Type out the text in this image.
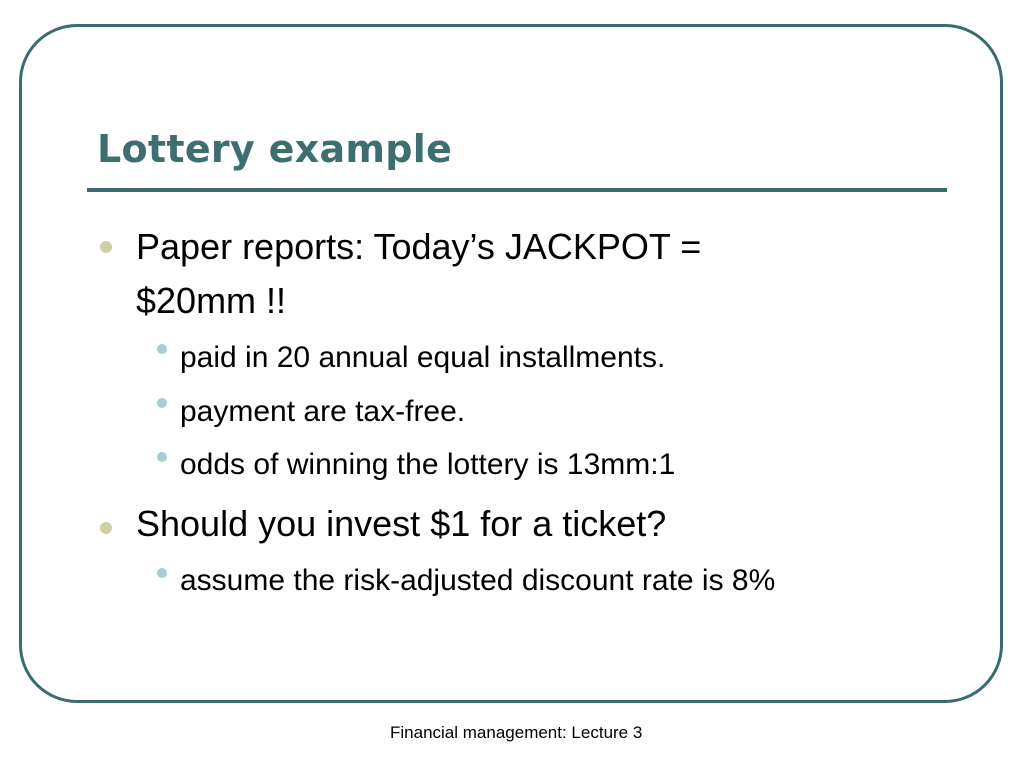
Lottery example
Paper reports: Today’s JACKPOT =
$20mm !!
paid in 20 annual equal installments.
payment are tax-free.
odds of winning the lottery is 13mm:1
Should you invest $1 for a ticket?
assume the risk-adjusted discount rate is 8%
Financial management: Lecture 3
